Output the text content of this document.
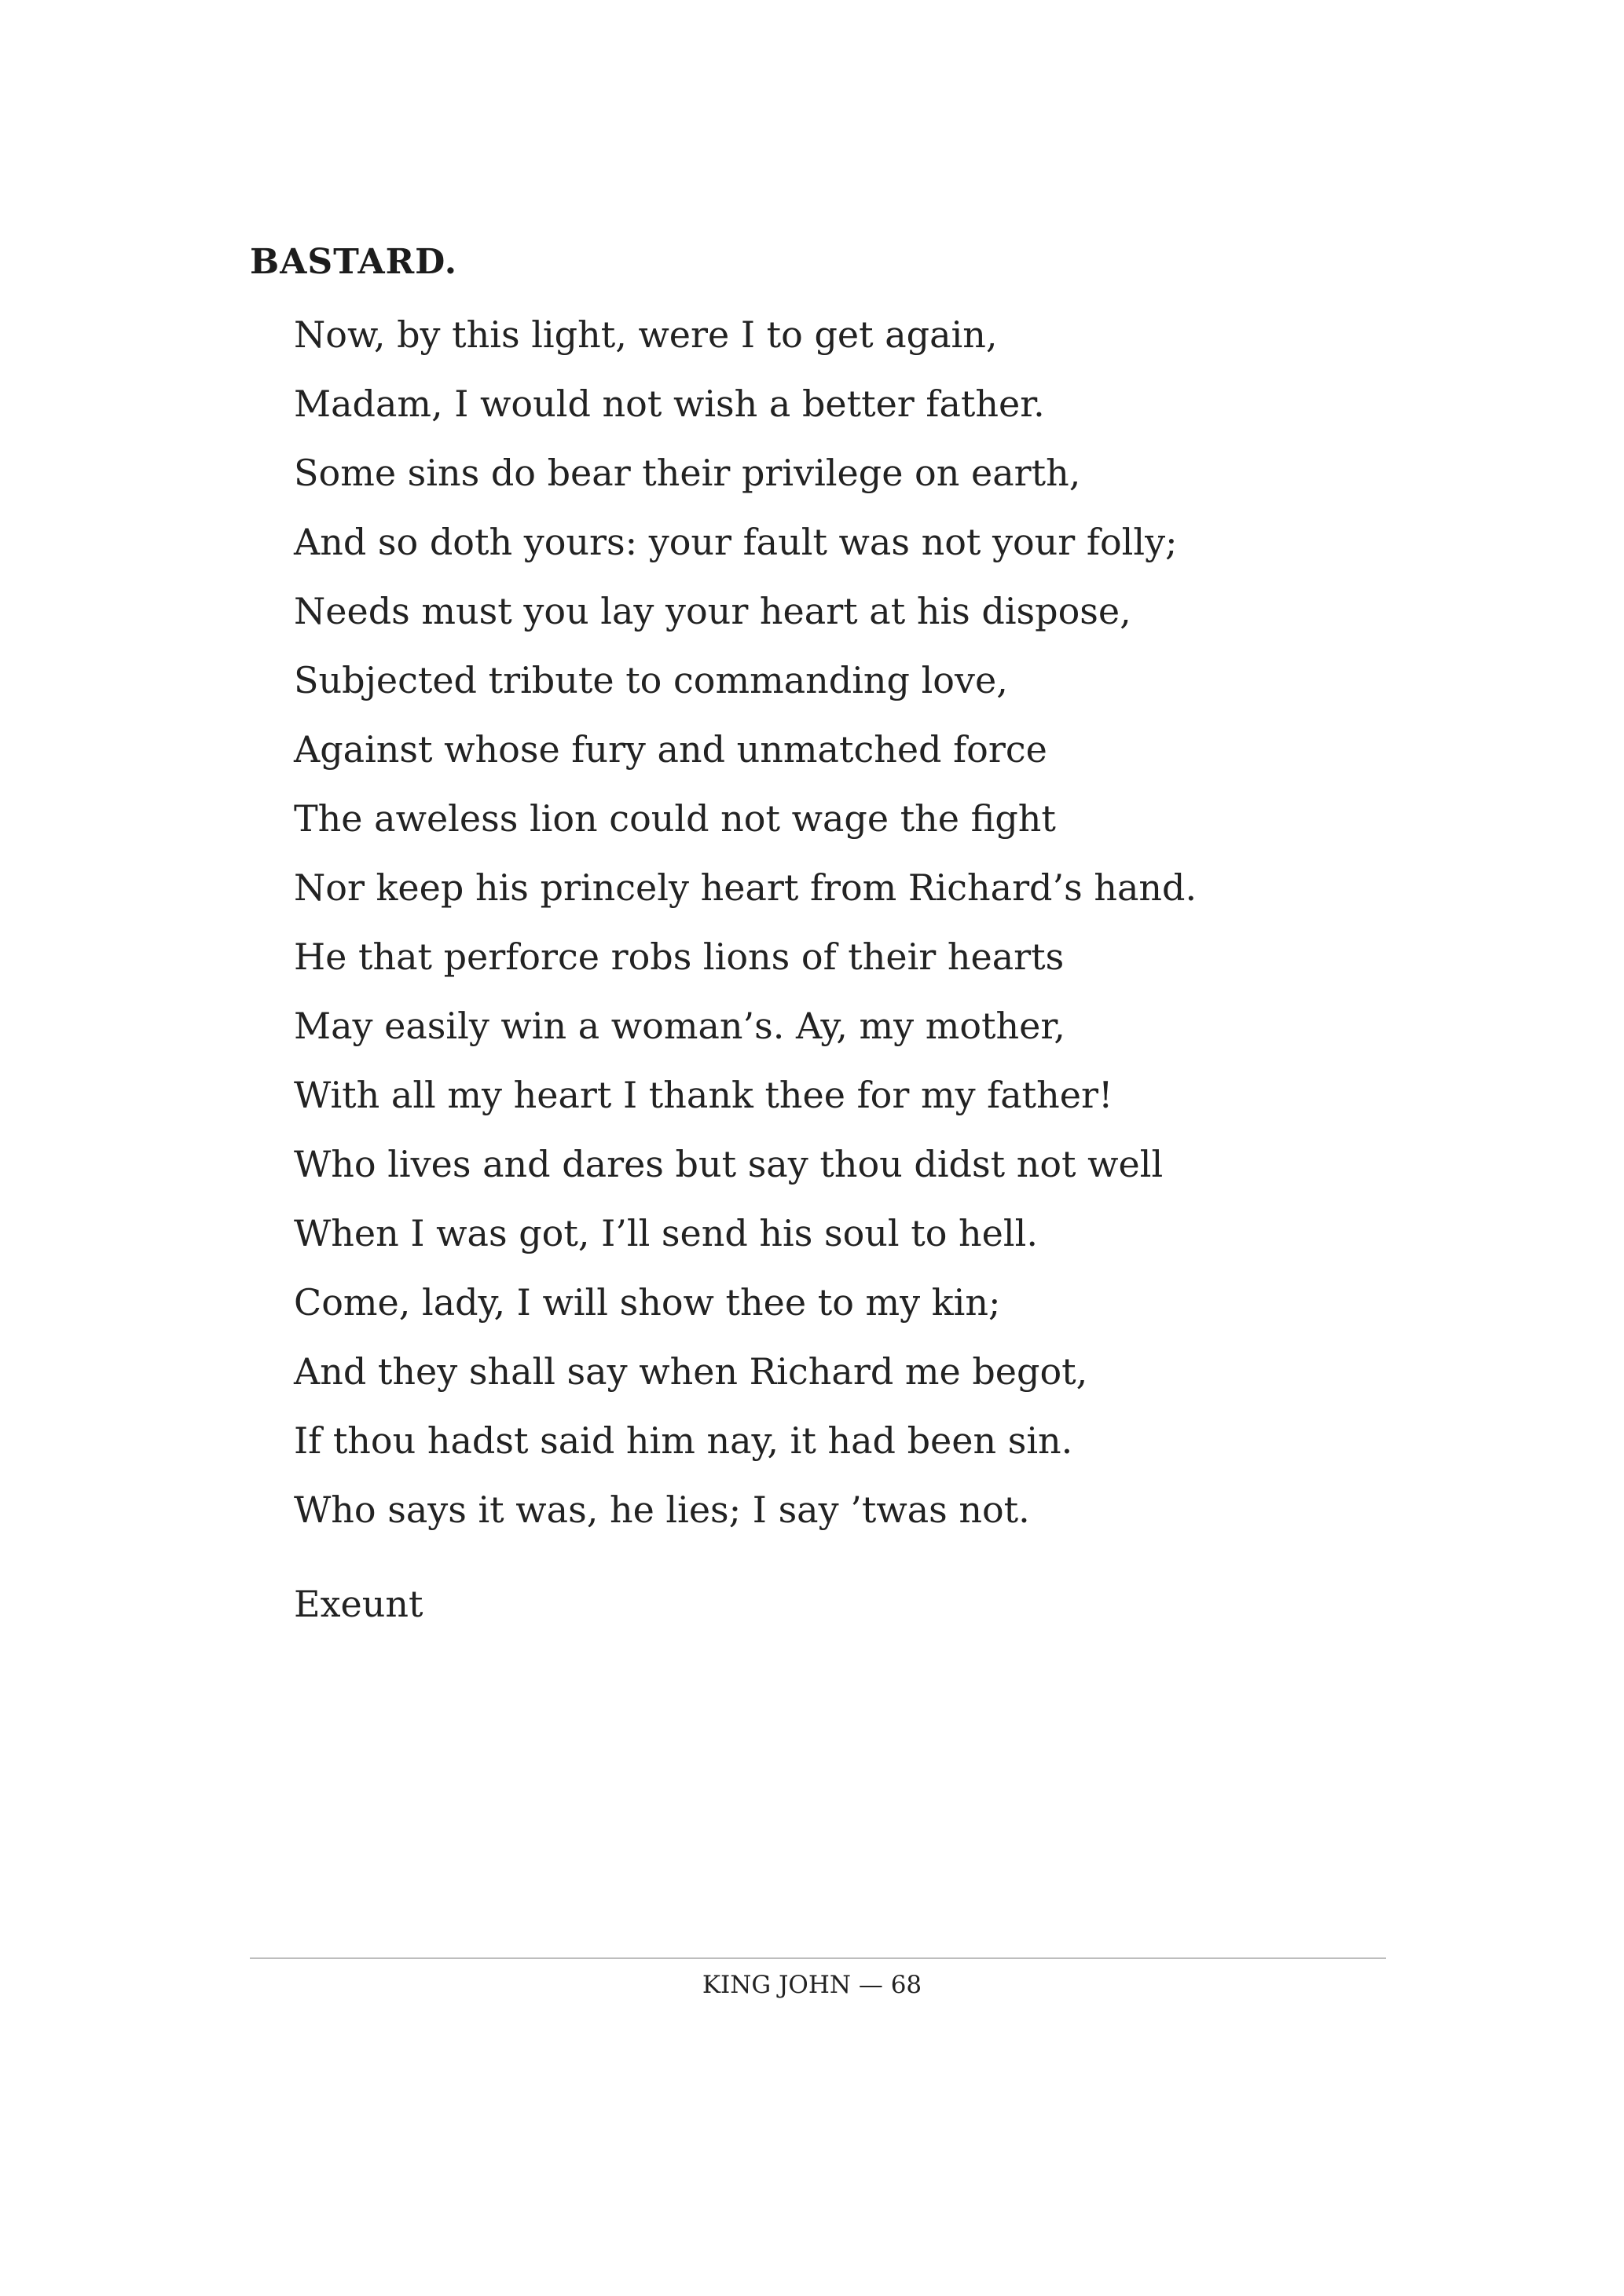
BASTARD.
Now, by this light, were I to get again,
Madam, I would not wish a better father.
Some sins do bear their privilege on earth,
And so doth yours: your fault was not your folly;
Needs must you lay your heart at his dispose,
Subjected tribute to commanding love,
Against whose fury and unmatched force
The aweless lion could not wage the fight
Nor keep his princely heart from Richard’s hand.
He that perforce robs lions of their hearts
May easily win a woman’s. Ay, my mother,
With all my heart I thank thee for my father!
Who lives and dares but say thou didst not well
When I was got, I’ll send his soul to hell.
Come, lady, I will show thee to my kin;
And they shall say when Richard me begot,
If thou hadst said him nay, it had been sin.
Who says it was, he lies; I say ’twas not.
Exeunt
KING JOHN — 68
